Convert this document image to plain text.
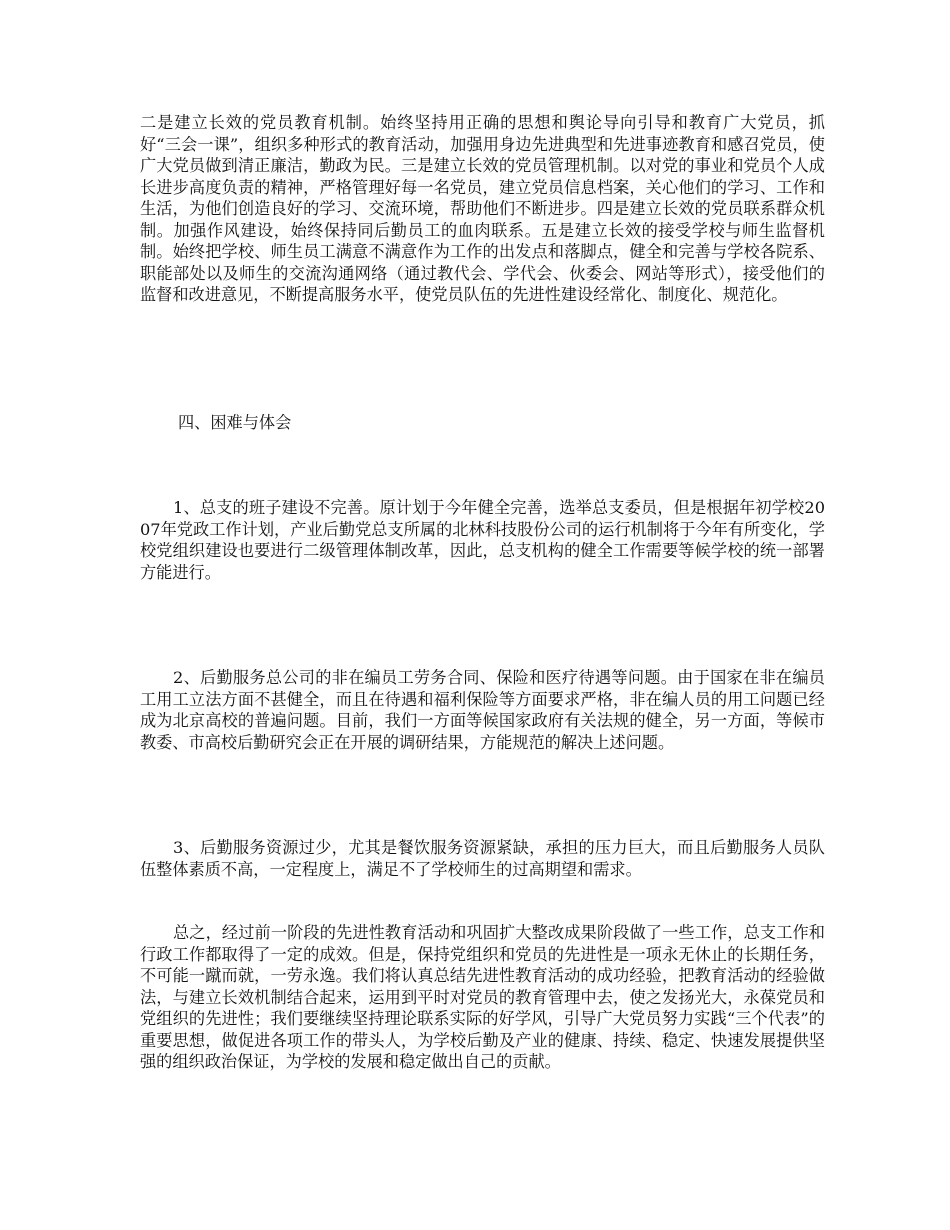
二是建立长效的党员教育机制。始终坚持用正确的思想和舆论导向引导和教育广大党员，抓好“三会一课”，组织多种形式的教育活动，加强用身边先进典型和先进事迹教育和感召党员，使广大党员做到清正廉洁，勤政为民。三是建立长效的党员管理机制。以对党的事业和党员个人成长进步高度负责的精神，严格管理好每一名党员，建立党员信息档案，关心他们的学习、工作和生活，为他们创造良好的学习、交流环境，帮助他们不断进步。四是建立长效的党员联系群众机制。加强作风建设，始终保持同后勤员工的血肉联系。五是建立长效的接受学校与师生监督机制。始终把学校、师生员工满意不满意作为工作的出发点和落脚点，健全和完善与学校各院系、职能部处以及师生的交流沟通网络（通过教代会、学代会、伙委会、网站等形式），接受他们的监督和改进意见，不断提高服务水平，使党员队伍的先进性建设经常化、制度化、规范化。

四、困难与体会

1、总支的班子建设不完善。原计划于今年健全完善，选举总支委员，但是根据年初学校2007年党政工作计划，产业后勤党总支所属的北林科技股份公司的运行机制将于今年有所变化，学校党组织建设也要进行二级管理体制改革，因此，总支机构的健全工作需要等候学校的统一部署方能进行。

2、后勤服务总公司的非在编员工劳务合同、保险和医疗待遇等问题。由于国家在非在编员工用工立法方面不甚健全，而且在待遇和福利保险等方面要求严格，非在编人员的用工问题已经成为北京高校的普遍问题。目前，我们一方面等候国家政府有关法规的健全，另一方面，等候市教委、市高校后勤研究会正在开展的调研结果，方能规范的解决上述问题。

3、后勤服务资源过少，尤其是餐饮服务资源紧缺，承担的压力巨大，而且后勤服务人员队伍整体素质不高，一定程度上，满足不了学校师生的过高期望和需求。

总之，经过前一阶段的先进性教育活动和巩固扩大整改成果阶段做了一些工作，总支工作和行政工作都取得了一定的成效。但是，保持党组织和党员的先进性是一项永无休止的长期任务，不可能一蹴而就，一劳永逸。我们将认真总结先进性教育活动的成功经验，把教育活动的经验做法，与建立长效机制结合起来，运用到平时对党员的教育管理中去，使之发扬光大，永葆党员和党组织的先进性；我们要继续坚持理论联系实际的好学风，引导广大党员努力实践“三个代表”的重要思想，做促进各项工作的带头人，为学校后勤及产业的健康、持续、稳定、快速发展提供坚强的组织政治保证，为学校的发展和稳定做出自己的贡献。
